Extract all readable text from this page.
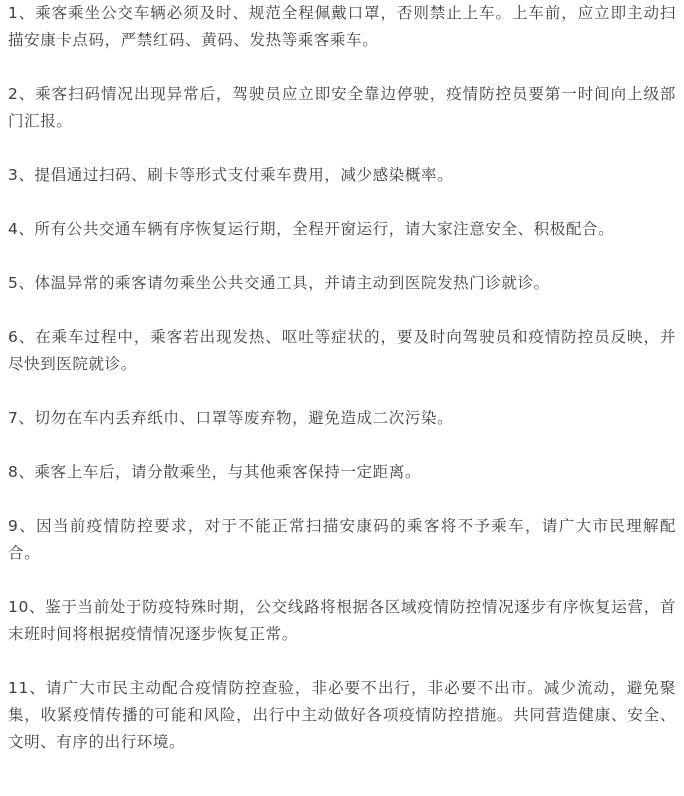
1、乘客乘坐公交车辆必须及时、规范全程佩戴口罩，否则禁止上车。上车前，应立即主动扫描安康卡点码，严禁红码、黄码、发热等乘客乘车。

2、乘客扫码情况出现异常后，驾驶员应立即安全靠边停驶，疫情防控员要第一时间向上级部门汇报。

3、提倡通过扫码、刷卡等形式支付乘车费用，减少感染概率。

4、所有公共交通车辆有序恢复运行期，全程开窗运行，请大家注意安全、积极配合。

5、体温异常的乘客请勿乘坐公共交通工具，并请主动到医院发热门诊就诊。

6、在乘车过程中，乘客若出现发热、呕吐等症状的，要及时向驾驶员和疫情防控员反映，并尽快到医院就诊。

7、切勿在车内丢弃纸巾、口罩等废弃物，避免造成二次污染。

8、乘客上车后，请分散乘坐，与其他乘客保持一定距离。

9、因当前疫情防控要求，对于不能正常扫描安康码的乘客将不予乘车，请广大市民理解配合。

10、鉴于当前处于防疫特殊时期，公交线路将根据各区域疫情防控情况逐步有序恢复运营，首末班时间将根据疫情情况逐步恢复正常。

11、请广大市民主动配合疫情防控查验，非必要不出行，非必要不出市。减少流动，避免聚集，收紧疫情传播的可能和风险，出行中主动做好各项疫情防控措施。共同营造健康、安全、文明、有序的出行环境。
